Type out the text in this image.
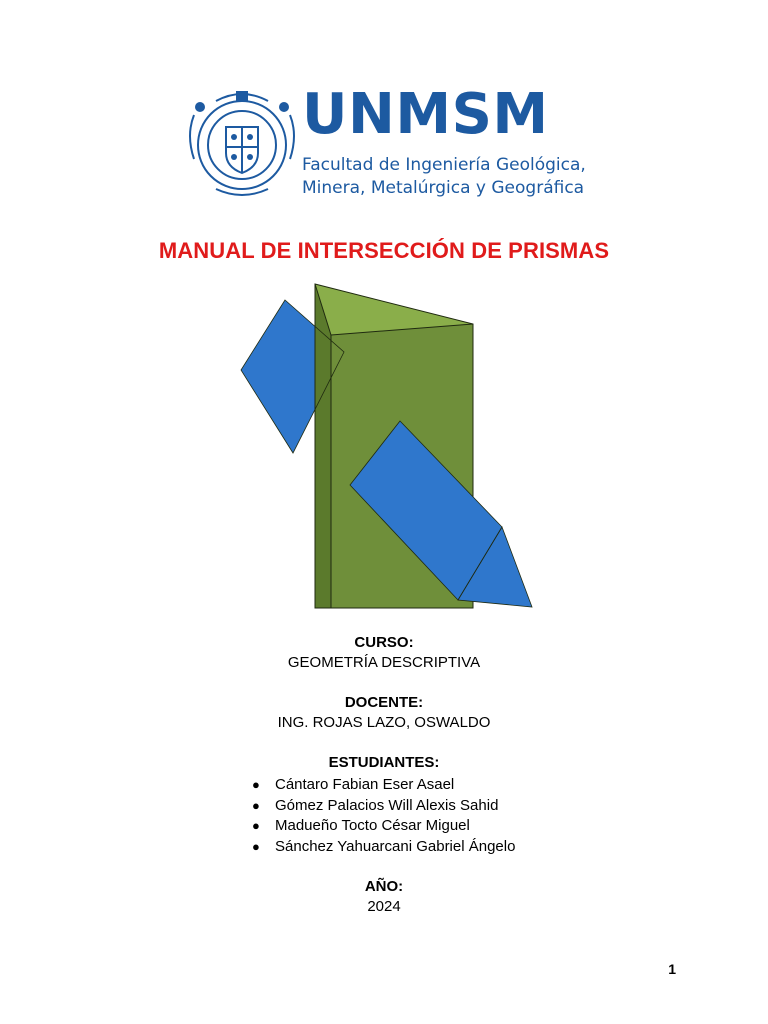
UNMSM
Facultad de Ingeniería Geológica,
Minera, Metalúrgica y Geográfica
MANUAL DE INTERSECCIÓN DE PRISMAS
CURSO:
GEOMETRÍA DESCRIPTIVA
DOCENTE:
ING. ROJAS LAZO, OSWALDO
ESTUDIANTES:
● Cántaro Fabian Eser Asael
● Gómez Palacios Will Alexis Sahid
● Madueño Tocto César Miguel
● Sánchez Yahuarcani Gabriel Ángelo
AÑO:
2024
1
